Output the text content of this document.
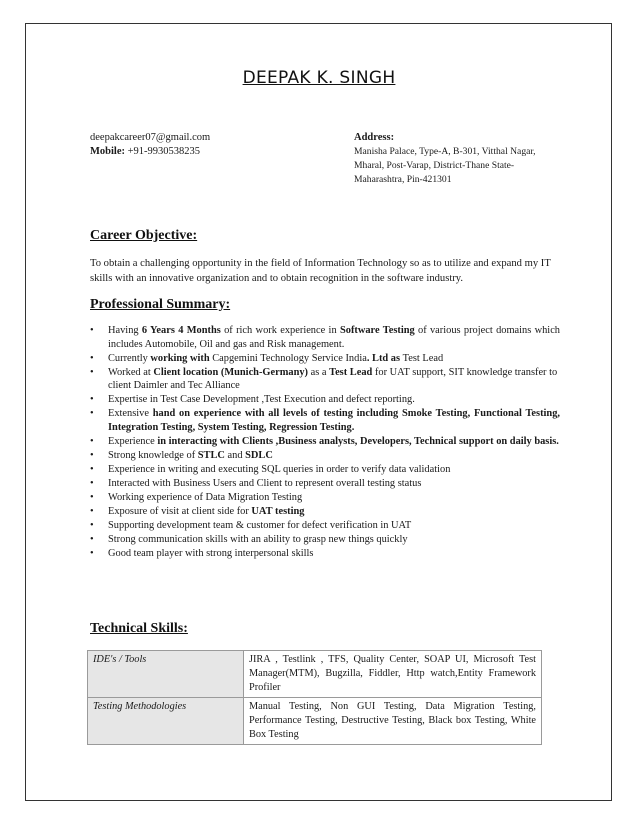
DEEPAK K. SINGH
deepakcareer07@gmail.com
Mobile: +91-9930538235
Address:
Manisha Palace, Type-A, B-301, Vitthal Nagar,
Mharal, Post-Varap, District-Thane State-
Maharashtra, Pin-421301
Career Objective:
To obtain a challenging opportunity in the field of Information Technology so as to utilize and expand my IT skills with an innovative organization and to obtain recognition in the software industry.
Professional Summary:
• Having 6 Years 4 Months of rich work experience in Software Testing of various project domains which includes Automobile, Oil and gas and Risk management.
• Currently working with Capgemini Technology Service India. Ltd as Test Lead
• Worked at Client location (Munich-Germany) as a Test Lead for UAT support, SIT knowledge transfer to client Daimler and Tec Alliance
• Expertise in Test Case Development ,Test Execution and defect reporting.
• Extensive hand on experience with all levels of testing including Smoke Testing, Functional Testing, Integration Testing, System Testing, Regression Testing.
• Experience in interacting with Clients ,Business analysts, Developers, Technical support on daily basis.
• Strong knowledge of STLC and SDLC
• Experience in writing and executing SQL queries in order to verify data validation
• Interacted with Business Users and Client to represent overall testing status
• Working experience of Data Migration Testing
• Exposure of visit at client side for UAT testing
• Supporting development team & customer for defect verification in UAT
• Strong communication skills with an ability to grasp new things quickly
• Good team player with strong interpersonal skills
Technical Skills:
IDE's / Tools	JIRA , Testlink , TFS, Quality Center, SOAP UI, Microsoft Test Manager(MTM), Bugzilla, Fiddler, Http watch,Entity Framework Profiler
Testing Methodologies	Manual Testing, Non GUI Testing, Data Migration Testing, Performance Testing, Destructive Testing, Black box Testing, White Box Testing
